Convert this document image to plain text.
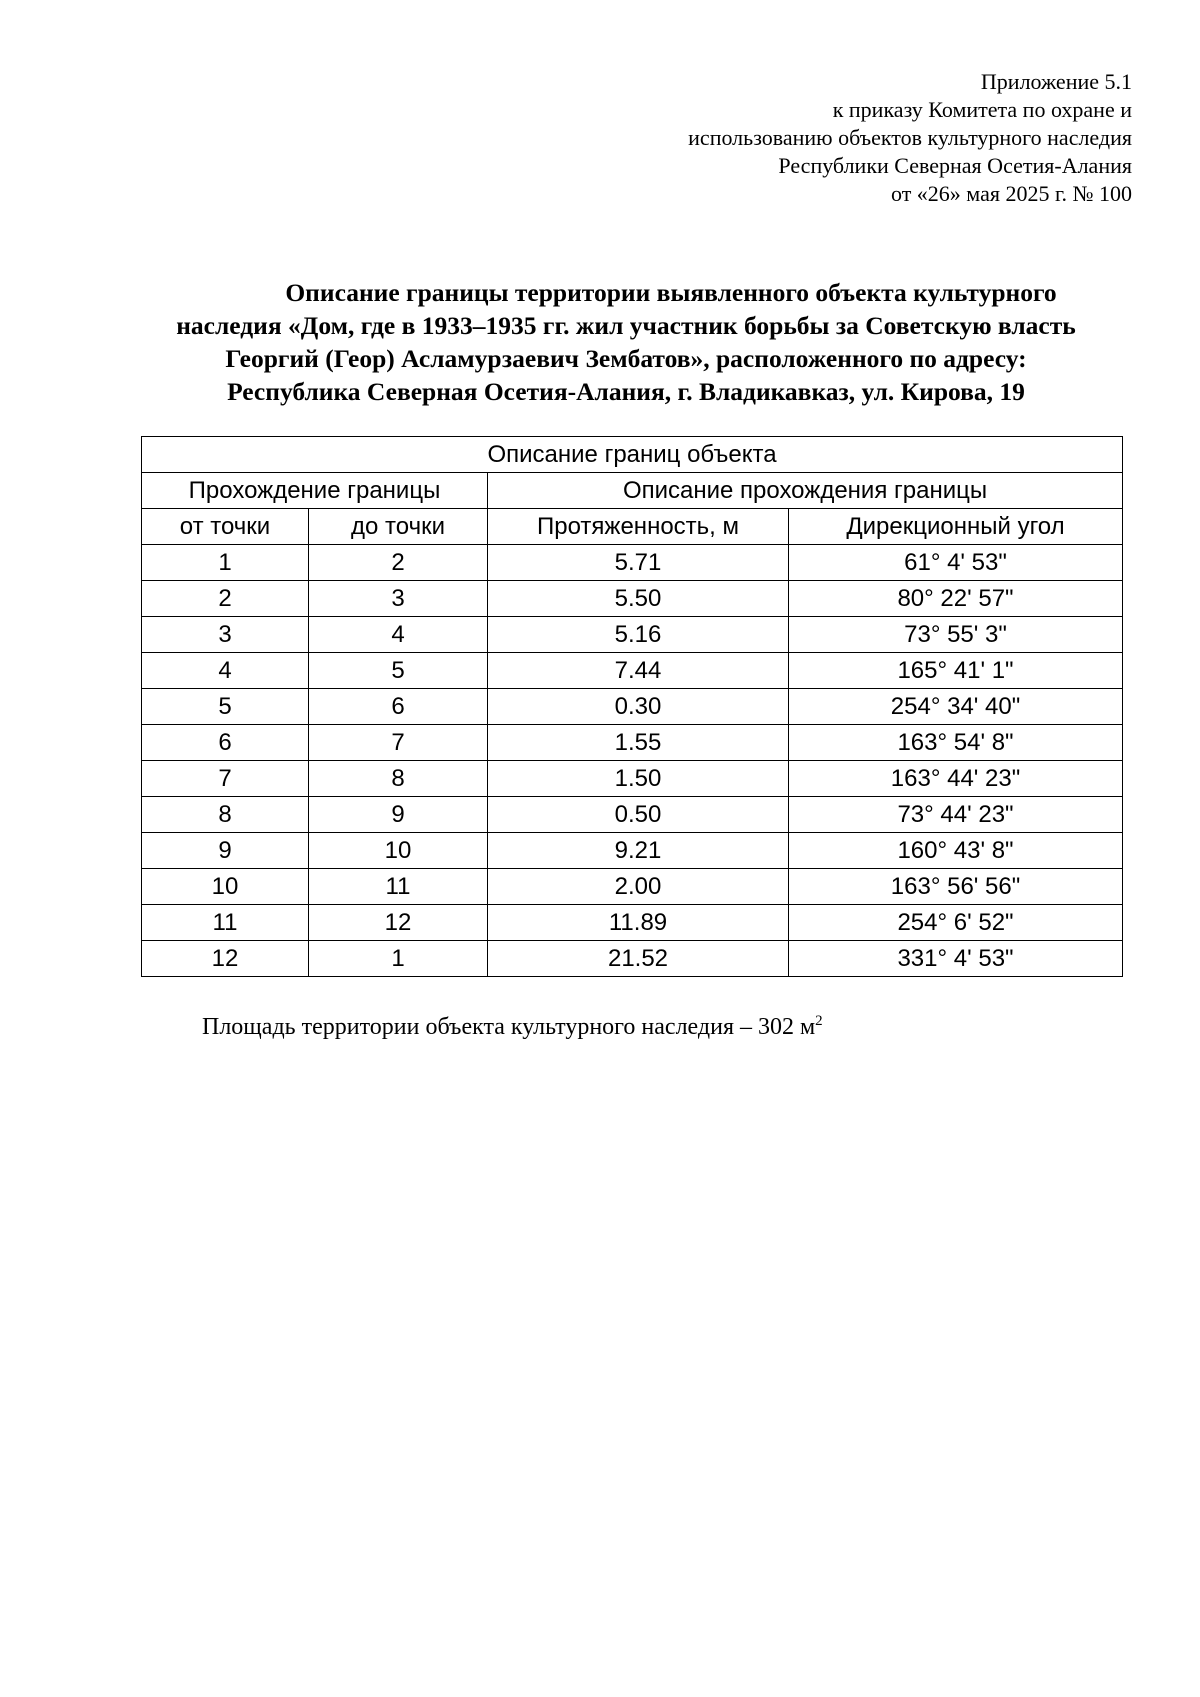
Приложение 5.1
к приказу Комитета по охране и
использованию объектов культурного наследия
Республики Северная Осетия-Алания
от «26» мая 2025 г. № 100
Описание границы территории выявленного объекта культурного
наследия «Дом, где в 1933–1935 гг. жил участник борьбы за Советскую власть
Георгий (Геор) Асламурзаевич Зембатов», расположенного по адресу:
Республика Северная Осетия-Алания, г. Владикавказ, ул. Кирова, 19
Описание границ объекта			
Прохождение границы		Описание прохождения границы	
от точки	до точки	Протяженность, м	Дирекционный угол
1	2	5.71	61° 4' 53"
2	3	5.50	80° 22' 57"
3	4	5.16	73° 55' 3"
4	5	7.44	165° 41' 1"
5	6	0.30	254° 34' 40"
6	7	1.55	163° 54' 8"
7	8	1.50	163° 44' 23"
8	9	0.50	73° 44' 23"
9	10	9.21	160° 43' 8"
10	11	2.00	163° 56' 56"
11	12	11.89	254° 6' 52"
12	1	21.52	331° 4' 53"
Площадь территории объекта культурного наследия – 302 $м^2$
